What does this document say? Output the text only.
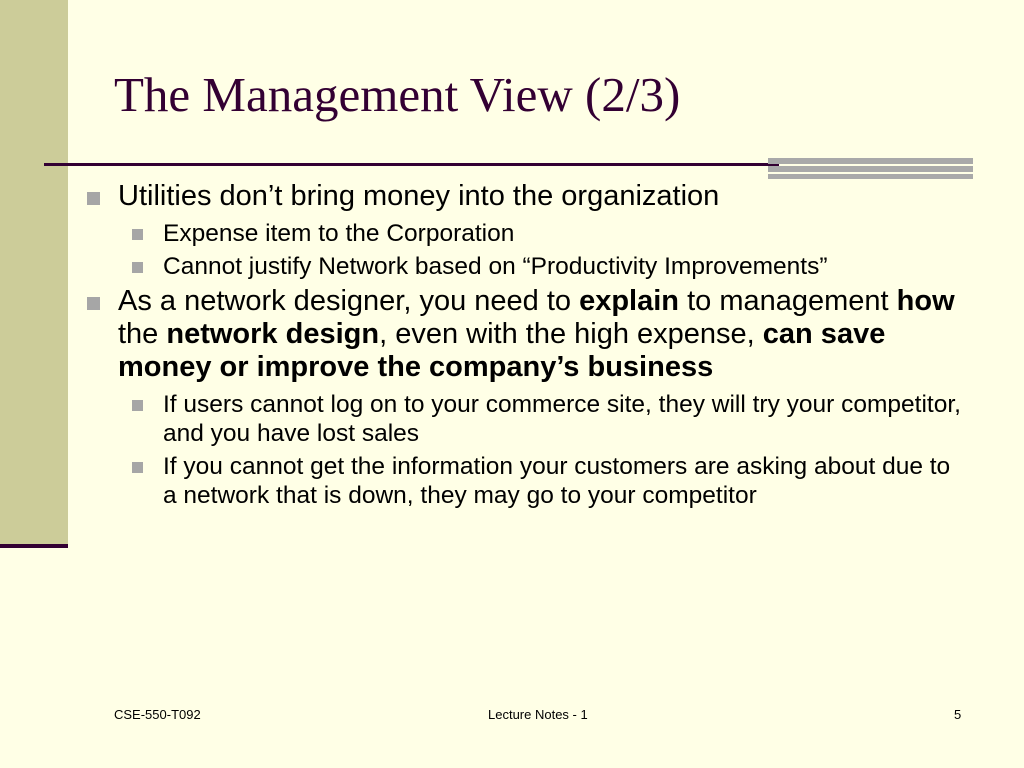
The Management View (2/3)
Utilities don’t bring money into the organization
Expense item to the Corporation
Cannot justify Network based on “Productivity Improvements”
As a network designer, you need to explain to management how the network design, even with the high expense, can save money or improve the company’s business
If users cannot log on to your commerce site, they will try your competitor, and you have lost sales
If you cannot get the information your customers are asking about due to a network that is down, they may go to your competitor
CSE-550-T092	Lecture Notes - 1	5
